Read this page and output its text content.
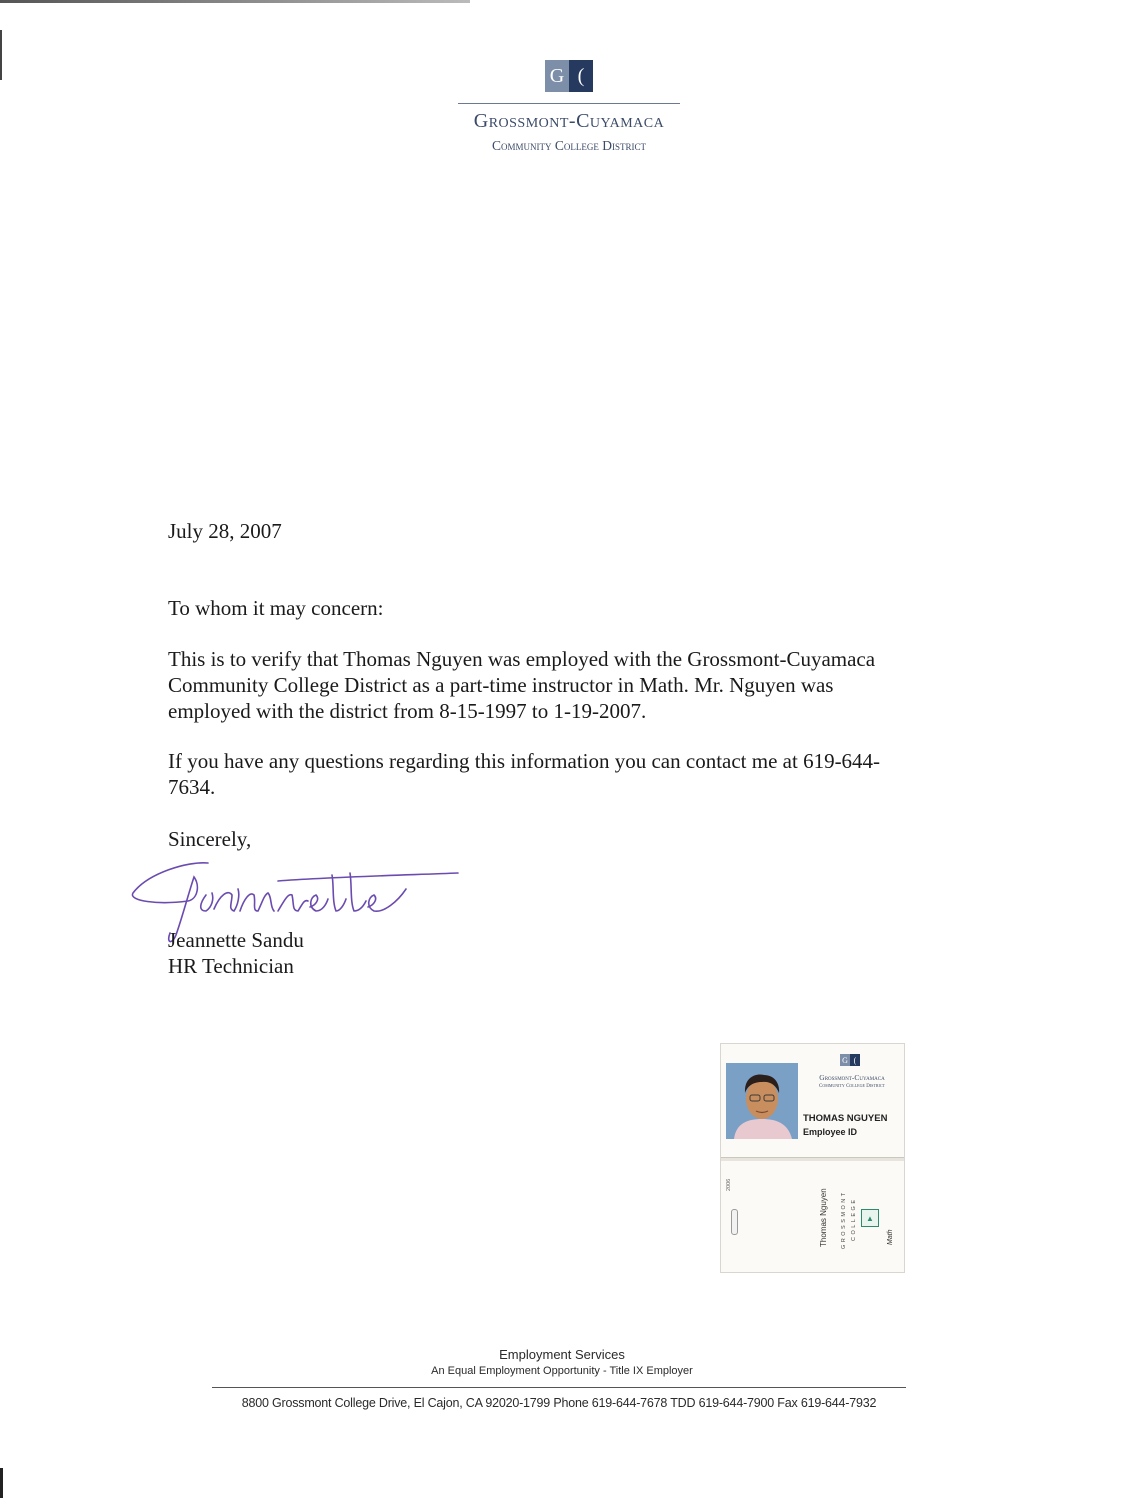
G (
Grossmont-Cuyamaca
Community College District
July 28, 2007
To whom it may concern:
This is to verify that Thomas Nguyen was employed with the Grossmont-Cuyamaca
Community College District as a part-time instructor in Math. Mr. Nguyen was
employed with the district from 8-15-1997 to 1-19-2007.
If you have any questions regarding this information you can contact me at 619-644-
7634.
Sincerely,
Jeannette Sandu
HR Technician
G (
Grossmont-Cuyamaca
Community College District
THOMAS NGUYEN
Employee ID
2006
Thomas Nguyen GROSSMONT COLLEGE	▲
Math
Employment Services
An Equal Employment Opportunity - Title IX Employer
8800 Grossmont College Drive, El Cajon, CA 92020-1799 Phone 619-644-7678 TDD 619-644-7900 Fax 619-644-7932
